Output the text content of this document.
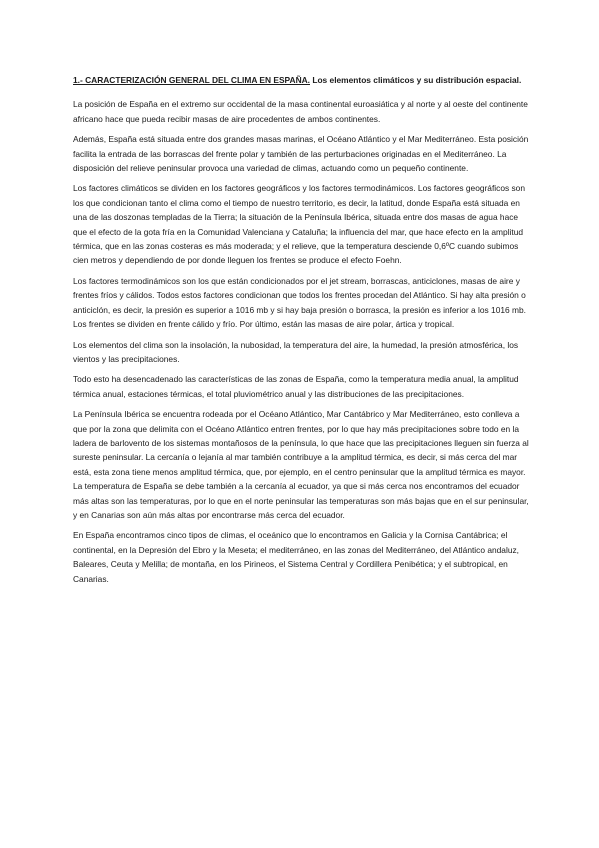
1.- CARACTERIZACIÓN GENERAL DEL CLIMA EN ESPAÑA. Los elementos climáticos y su distribución espacial.

La posición de España en el extremo sur occidental de la masa continental euroasiática y al norte y al oeste del continente africano hace que pueda recibir masas de aire procedentes de ambos continentes.

Además, España está situada entre dos grandes masas marinas, el Océano Atlántico y el Mar Mediterráneo. Esta posición facilita la entrada de las borrascas del frente polar y también de las perturbaciones originadas en el Mediterráneo. La disposición del relieve peninsular provoca una variedad de climas, actuando como un pequeño continente.

Los factores climáticos se dividen en los factores geográficos y los factores termodinámicos. Los factores geográficos son los que condicionan tanto el clima como el tiempo de nuestro territorio, es decir, la latitud, donde España está situada en una de las doszonas templadas de la Tierra; la situación de la Península Ibérica, situada entre dos masas de agua hace que el efecto de la gota fría en la Comunidad Valenciana y Cataluña; la influencia del mar, que hace efecto en la amplitud térmica, que en las zonas costeras es más moderada; y el relieve, que la temperatura desciende 0,6ºC cuando subimos cien metros y dependiendo de por donde lleguen los frentes se produce el efecto Foehn.

Los factores termodinámicos son los que están condicionados por el jet stream, borrascas, anticiclones, masas de aire y frentes fríos y cálidos. Todos estos factores condicionan que todos los frentes procedan del Atlántico. Si hay alta presión o anticiclón, es decir, la presión es superior a 1016 mb y si hay baja presión o borrasca, la presión es inferior a los 1016 mb. Los frentes se dividen en frente cálido y frío. Por último, están las masas de aire polar, ártica y tropical.

Los elementos del clima son la insolación, la nubosidad, la temperatura del aire, la humedad, la presión atmosférica, los vientos y las precipitaciones.

Todo esto ha desencadenado las características de las zonas de España, como la temperatura media anual, la amplitud térmica anual, estaciones térmicas, el total pluviométrico anual y las distribuciones de las precipitaciones.

La Península Ibérica se encuentra rodeada por el Océano Atlántico, Mar Cantábrico y Mar Mediterráneo, esto conlleva a que por la zona que delimita con el Océano Atlántico entren frentes, por lo que hay más precipitaciones sobre todo en la ladera de barlovento de los sistemas montañosos de la península, lo que hace que las precipitaciones lleguen sin fuerza al sureste peninsular. La cercanía o lejanía al mar también contribuye a la amplitud térmica, es decir, si más cerca del mar está, esta zona tiene menos amplitud térmica, que, por ejemplo, en el centro peninsular que la amplitud térmica es mayor. La temperatura de España se debe también a la cercanía al ecuador, ya que si más cerca nos encontramos del ecuador más altas son las temperaturas, por lo que en el norte peninsular las temperaturas son más bajas que en el sur peninsular, y en Canarias son aún más altas por encontrarse más cerca del ecuador.

En España encontramos cinco tipos de climas, el oceánico que lo encontramos en Galicia y la Cornisa Cantábrica; el continental, en la Depresión del Ebro y la Meseta; el mediterráneo, en las zonas del Mediterráneo, del Atlántico andaluz, Baleares, Ceuta y Melilla; de montaña, en los Pirineos, el Sistema Central y Cordillera Penibética; y el subtropical, en Canarias.
